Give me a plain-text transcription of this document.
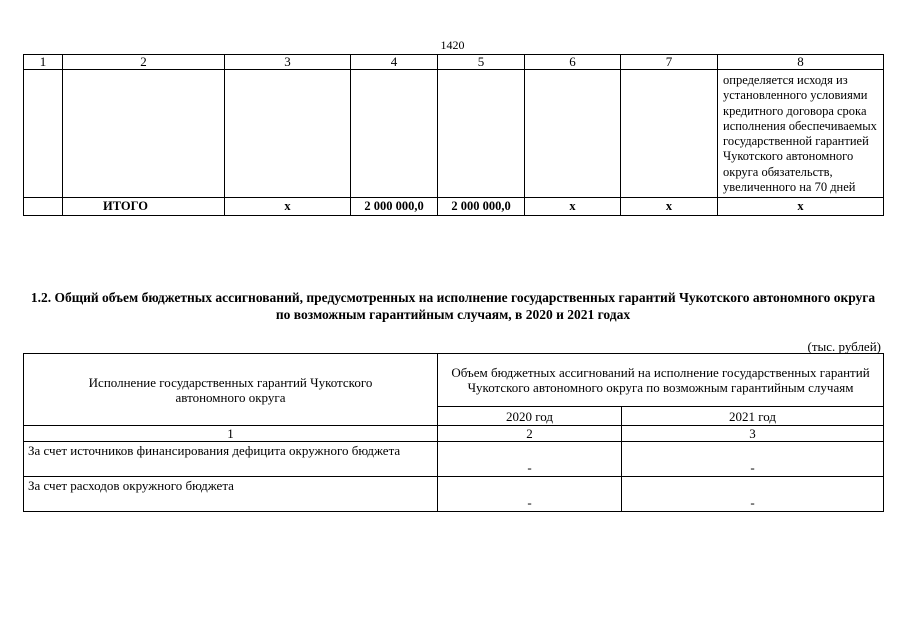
1420
1	2	3	4	5	6	7	8
							определяется исходя из установленного условиями кредитного договора срока исполнения обеспечиваемых государственной гарантией Чукотского автономного округа обязательств, увеличенного на 70 дней
	ИТОГО	x	2 000 000,0	2 000 000,0	x	x	x
1.2. Общий объем бюджетных ассигнований, предусмотренных на исполнение государственных гарантий Чукотского автономного округа по возможным гарантийным случаям, в 2020 и 2021 годах
(тыс. рублей)
Исполнение государственных гарантий Чукотского автономного округа	Объем бюджетных ассигнований на исполнение государственных гарантий Чукотского автономного округа по возможным гарантийным случаям	
	2020 год	2021 год
1	2	3
За счет источников финансирования дефицита окружного бюджета	-	-
За счет расходов окружного бюджета	-	-
